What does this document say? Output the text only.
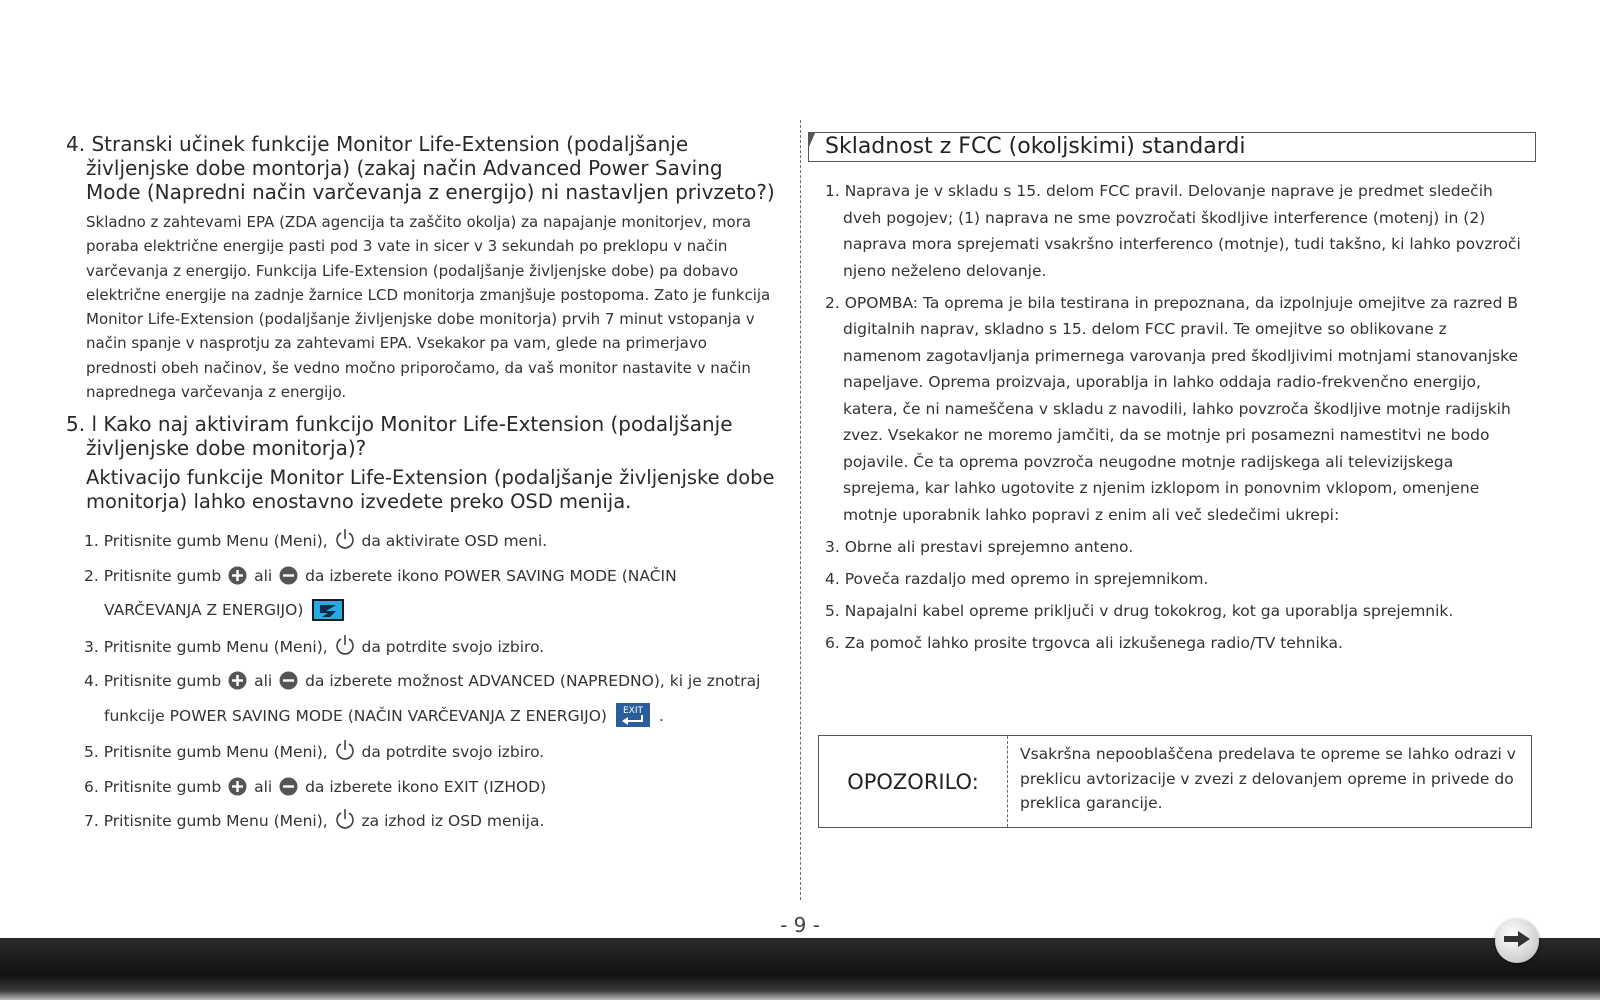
4. Stranski učinek funkcije Monitor Life-Extension (podaljšanje življenjske dobe montorja) (zakaj način Advanced Power Saving Mode (Napredni način varčevanja z energijo) ni nastavljen privzeto?)

Skladno z zahtevami EPA (ZDA agencija ta zaščito okolja) za napajanje monitorjev, mora poraba električne energije pasti pod 3 vate in sicer v 3 sekundah po preklopu v način varčevanja z energijo. Funkcija Life-Extension (podaljšanje življenjske dobe) pa dobavo električne energije na zadnje žarnice LCD monitorja zmanjšuje postopoma. Zato je funkcija Monitor Life-Extension (podaljšanje življenjske dobe monitorja) prvih 7 minut vstopanja v način spanje v nasprotju za zahtevami EPA. Vsekakor pa vam, glede na primerjavo prednosti obeh načinov, še vedno močno priporočamo, da vaš monitor nastavite v način naprednega varčevanja z energijo.

5. l Kako naj aktiviram funkcijo Monitor Life-Extension (podaljšanje življenjske dobe monitorja)?

Aktivacijo funkcije Monitor Life-Extension (podaljšanje življenjske dobe monitorja) lahko enostavno izvedete preko OSD menija.

1. Pritisnite gumb Menu (Meni), da aktivirate OSD meni.
2. Pritisnite gumb ali da izberete ikono POWER SAVING MODE (NAČIN
VARČEVANJA Z ENERGIJO)
3. Pritisnite gumb Menu (Meni), da potrdite svojo izbiro.
4. Pritisnite gumb ali da izberete možnost ADVANCED (NAPREDNO), ki je znotraj
funkcije POWER SAVING MODE (NAČIN VARČEVANJA Z ENERGIJO) EXIT .
5. Pritisnite gumb Menu (Meni), da potrdite svojo izbiro.
6. Pritisnite gumb ali da izberete ikono EXIT (IZHOD)
7. Pritisnite gumb Menu (Meni), za izhod iz OSD menija.
Skladnost z FCC (okoljskimi) standardi
1. Naprava je v skladu s 15. delom FCC pravil. Delovanje naprave je predmet sledečih dveh pogojev; (1) naprava ne sme povzročati škodljive interference (motenj) in (2) naprava mora sprejemati vsakršno interferenco (motnje), tudi takšno, ki lahko povzroči njeno neželeno delovanje.
2. OPOMBA: Ta oprema je bila testirana in prepoznana, da izpolnjuje omejitve za razred B digitalnih naprav, skladno s 15. delom FCC pravil. Te omejitve so oblikovane z namenom zagotavljanja primernega varovanja pred škodljivimi motnjami stanovanjske napeljave. Oprema proizvaja, uporablja in lahko oddaja radio-frekvenčno energijo, katera, če ni nameščena v skladu z navodili, lahko povzroča škodljive motnje radijskih zvez. Vsekakor ne moremo jamčiti, da se motnje pri posamezni namestitvi ne bodo pojavile. Če ta oprema povzroča neugodne motnje radijskega ali televizijskega sprejema, kar lahko ugotovite z njenim izklopom in ponovnim vklopom, omenjene motnje uporabnik lahko popravi z enim ali več sledečimi ukrepi:
3. Obrne ali prestavi sprejemno anteno.
4. Poveča razdaljo med opremo in sprejemnikom.
5. Napajalni kabel opreme priključi v drug tokokrog, kot ga uporablja sprejemnik.
6. Za pomoč lahko prosite trgovca ali izkušenega radio/TV tehnika.
OPOZORILO:
Vsakršna nepooblaščena predelava te opreme se lahko odrazi v preklicu avtorizacije v zvezi z delovanjem opreme in privede do preklica garancije.
- 9 -
